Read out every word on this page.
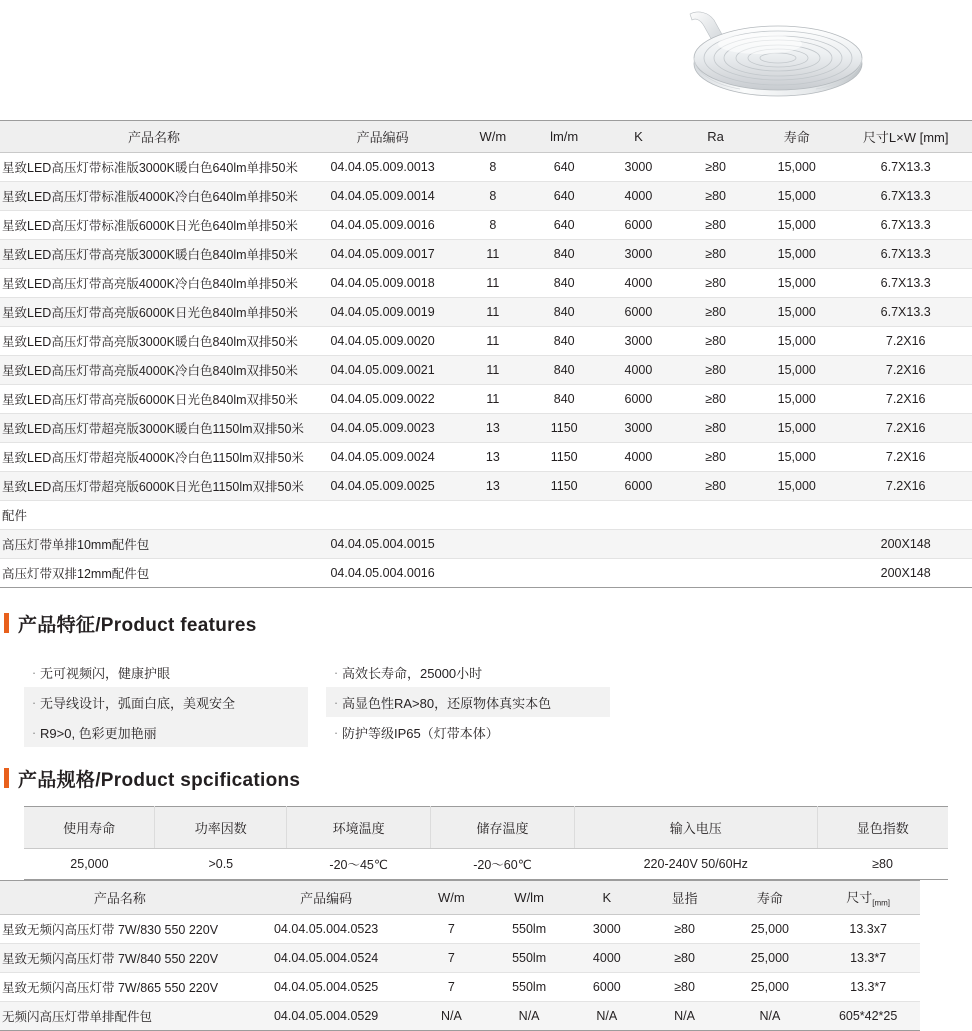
产品名称	产品编码	W/m	lm/m	K	Ra	寿命	尺寸L×W [mm]
星致LED高压灯带标准版3000K暖白色640lm单排50米	04.04.05.009.0013	8	640	3000	≥80	15,000	6.7X13.3
星致LED高压灯带标准版4000K冷白色640lm单排50米	04.04.05.009.0014	8	640	4000	≥80	15,000	6.7X13.3
星致LED高压灯带标准版6000K日光色640lm单排50米	04.04.05.009.0016	8	640	6000	≥80	15,000	6.7X13.3
星致LED高压灯带高亮版3000K暖白色840lm单排50米	04.04.05.009.0017	11	840	3000	≥80	15,000	6.7X13.3
星致LED高压灯带高亮版4000K冷白色840lm单排50米	04.04.05.009.0018	11	840	4000	≥80	15,000	6.7X13.3
星致LED高压灯带高亮版6000K日光色840lm单排50米	04.04.05.009.0019	11	840	6000	≥80	15,000	6.7X13.3
星致LED高压灯带高亮版3000K暖白色840lm双排50米	04.04.05.009.0020	11	840	3000	≥80	15,000	7.2X16
星致LED高压灯带高亮版4000K冷白色840lm双排50米	04.04.05.009.0021	11	840	4000	≥80	15,000	7.2X16
星致LED高压灯带高亮版6000K日光色840lm双排50米	04.04.05.009.0022	11	840	6000	≥80	15,000	7.2X16
星致LED高压灯带超亮版3000K暖白色1150lm双排50米	04.04.05.009.0023	13	1150	3000	≥80	15,000	7.2X16
星致LED高压灯带超亮版4000K冷白色1150lm双排50米	04.04.05.009.0024	13	1150	4000	≥80	15,000	7.2X16
星致LED高压灯带超亮版6000K日光色1150lm双排50米	04.04.05.009.0025	13	1150	6000	≥80	15,000	7.2X16
配件							
高压灯带单排10mm配件包	04.04.05.004.0015						200X148
高压灯带双排12mm配件包	04.04.05.004.0016						200X148
产品特征/Product features
· 无可视频闪，健康护眼
· 无导线设计，弧面白底，美观安全
· R9>0, 色彩更加艳丽
· 高效长寿命，25000小时
· 高显色性RA>80，还原物体真实本色
· 防护等级IP65（灯带本体）
产品规格/Product spcifications
使用寿命	功率因数	环境温度	储存温度	输入电压	显色指数
25,000	>0.5	-20～45℃	-20～60℃	220-240V 50/60Hz	≥80
产品名称	产品编码	W/m	W/lm	K	显指	寿命	尺寸$_{[mm]}$
星致无频闪高压灯带 7W/830 550 220V	04.04.05.004.0523	7	550lm	3000	≥80	25,000	13.3x7
星致无频闪高压灯带 7W/840 550 220V	04.04.05.004.0524	7	550lm	4000	≥80	25,000	13.3*7
星致无频闪高压灯带 7W/865 550 220V	04.04.05.004.0525	7	550lm	6000	≥80	25,000	13.3*7
无频闪高压灯带单排配件包	04.04.05.004.0529	N/A	N/A	N/A	N/A	N/A	605*42*25
